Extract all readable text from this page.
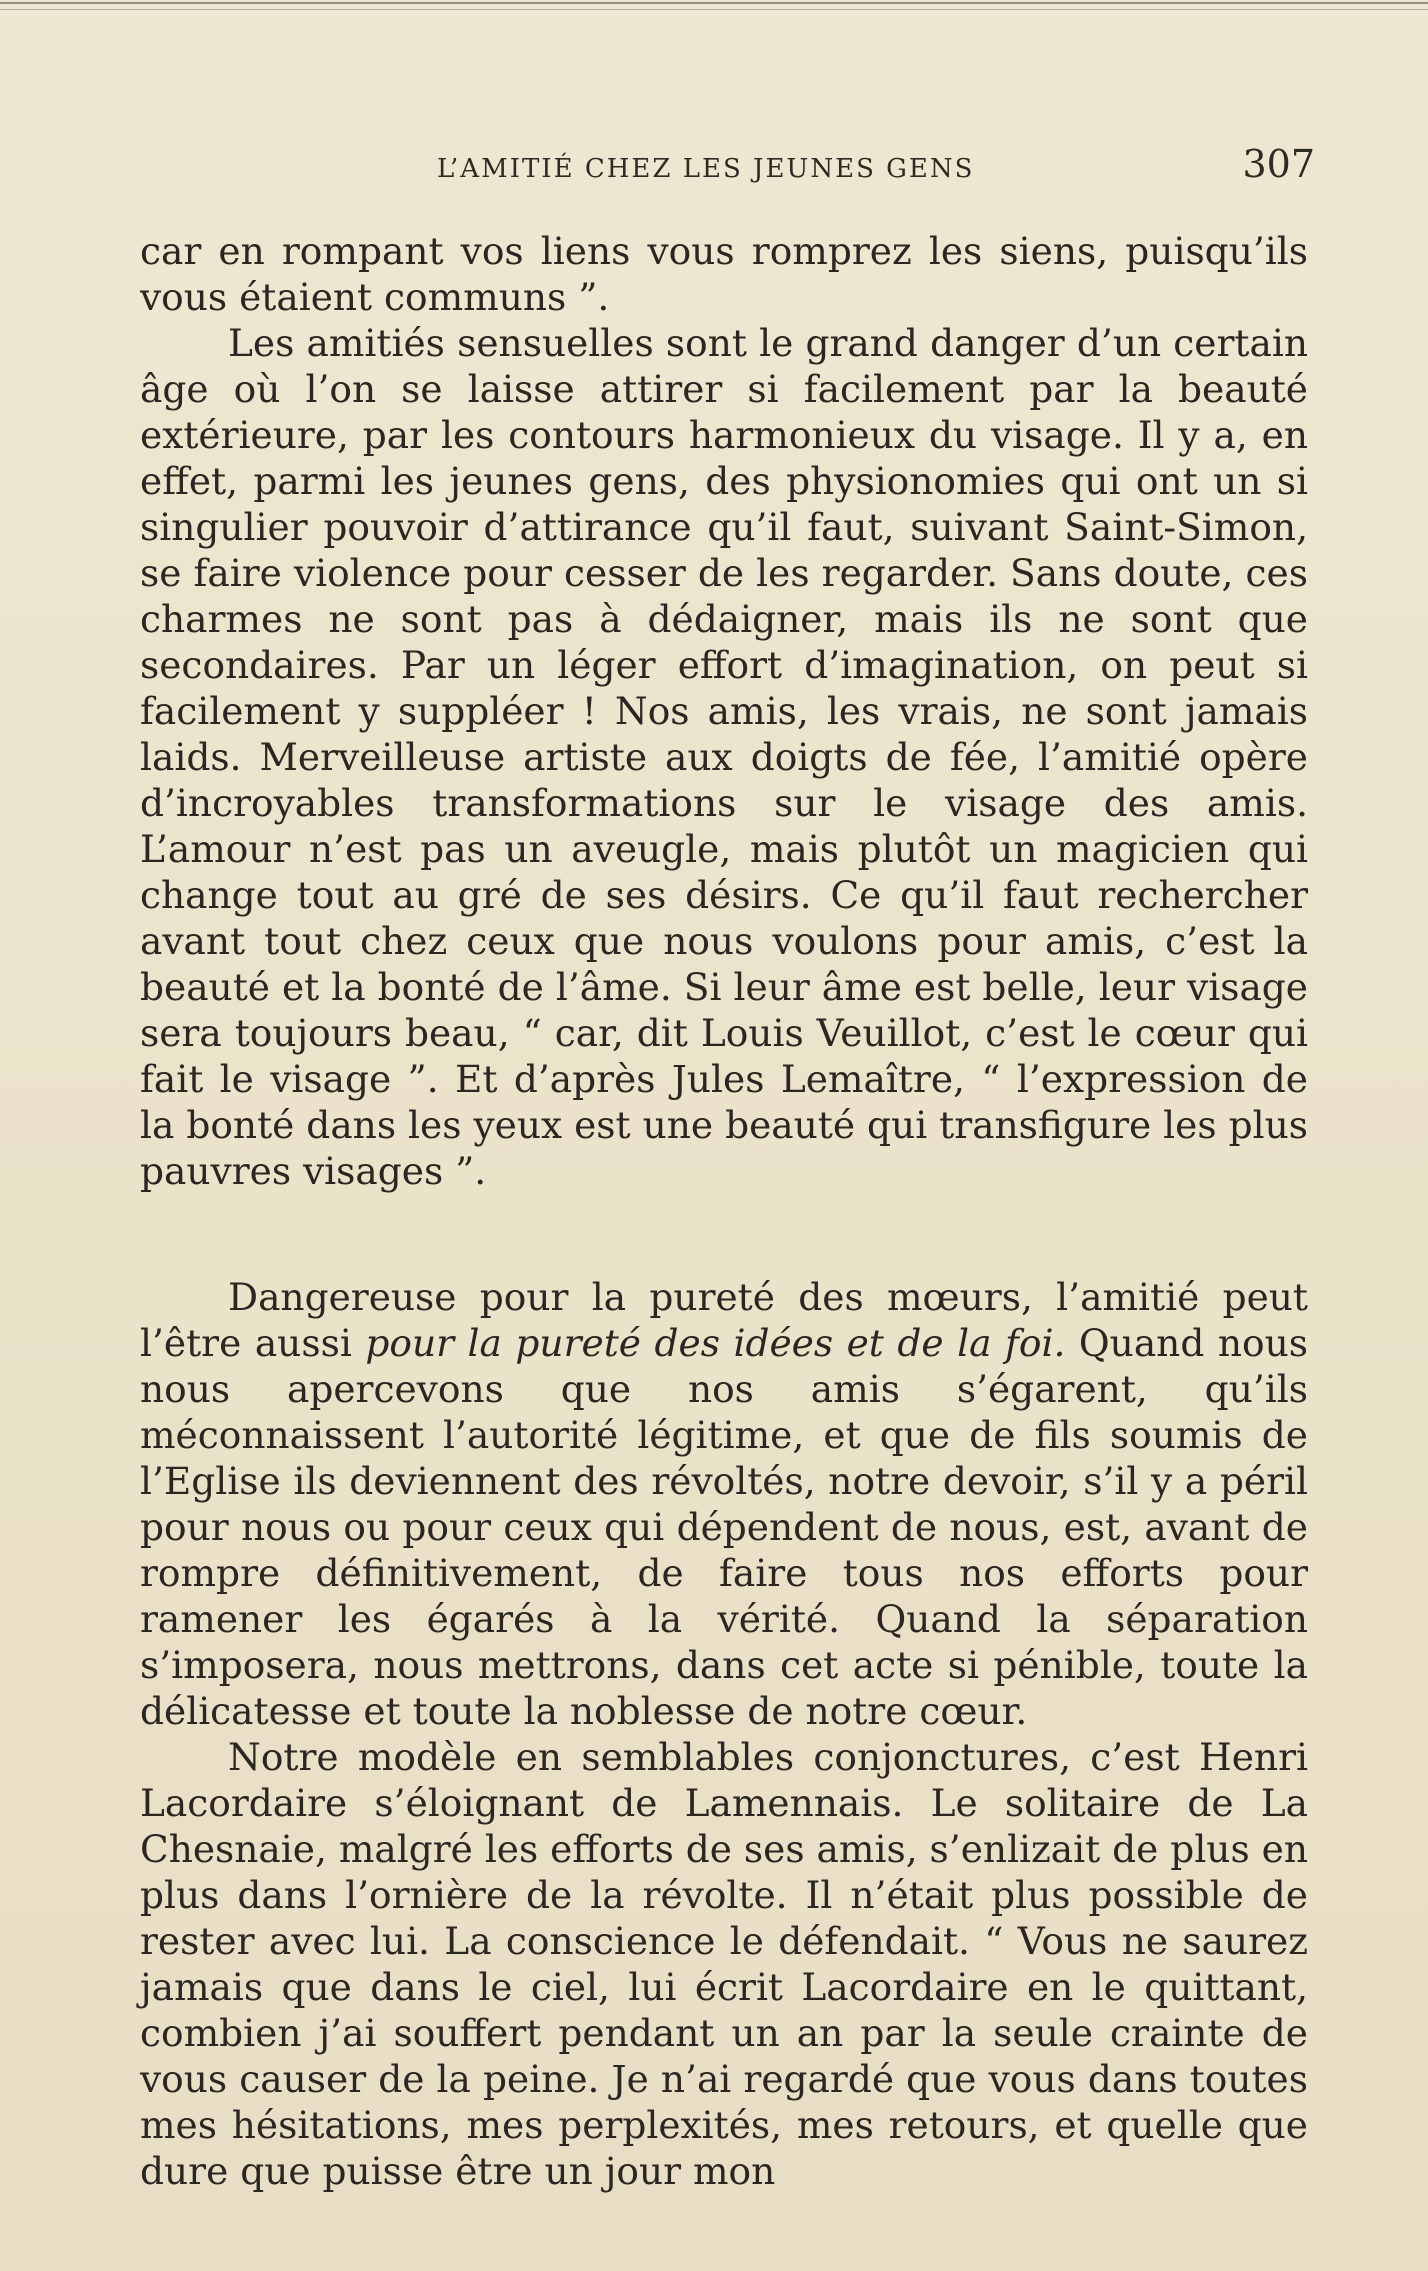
L’AMITIÉ CHEZ LES JEUNES GENS	307

car en rompant vos liens vous romprez les siens, puisqu’ils vous étaient communs ”.

Les amitiés sensuelles sont le grand danger d’un certain âge où l’on se laisse attirer si facilement par la beauté extérieure, par les contours harmonieux du visage. Il y a, en effet, parmi les jeunes gens, des physionomies qui ont un si singulier pouvoir d’attirance qu’il faut, suivant Saint-Simon, se faire violence pour cesser de les regarder. Sans doute, ces charmes ne sont pas à dédaigner, mais ils ne sont que secondaires. Par un léger effort d’imagination, on peut si facilement y suppléer ! Nos amis, les vrais, ne sont jamais laids. Merveilleuse artiste aux doigts de fée, l’amitié opère d’incroyables transformations sur le visage des amis. L’amour n’est pas un aveugle, mais plutôt un magicien qui change tout au gré de ses désirs. Ce qu’il faut rechercher avant tout chez ceux que nous voulons pour amis, c’est la beauté et la bonté de l’âme. Si leur âme est belle, leur visage sera toujours beau, “ car, dit Louis Veuillot, c’est le cœur qui fait le visage ”. Et d’après Jules Lemaître, “ l’expression de la bonté dans les yeux est une beauté qui transfigure les plus pauvres visages ”.

Dangereuse pour la pureté des mœurs, l’amitié peut l’être aussi pour la pureté des idées et de la foi. Quand nous nous apercevons que nos amis s’égarent, qu’ils méconnaissent l’autorité légitime, et que de fils soumis de l’Eglise ils deviennent des révoltés, notre devoir, s’il y a péril pour nous ou pour ceux qui dépendent de nous, est, avant de rompre définitivement, de faire tous nos efforts pour ramener les égarés à la vérité. Quand la séparation s’imposera, nous mettrons, dans cet acte si pénible, toute la délicatesse et toute la noblesse de notre cœur.

Notre modèle en semblables conjonctures, c’est Henri Lacordaire s’éloignant de Lamennais. Le solitaire de La Chesnaie, malgré les efforts de ses amis, s’enlizait de plus en plus dans l’ornière de la révolte. Il n’était plus possible de rester avec lui. La conscience le défendait. “ Vous ne saurez jamais que dans le ciel, lui écrit Lacordaire en le quittant, combien j’ai souffert pendant un an par la seule crainte de vous causer de la peine. Je n’ai regardé que vous dans toutes mes hésitations, mes perplexités, mes retours, et quelle que dure que puisse être un jour mon
